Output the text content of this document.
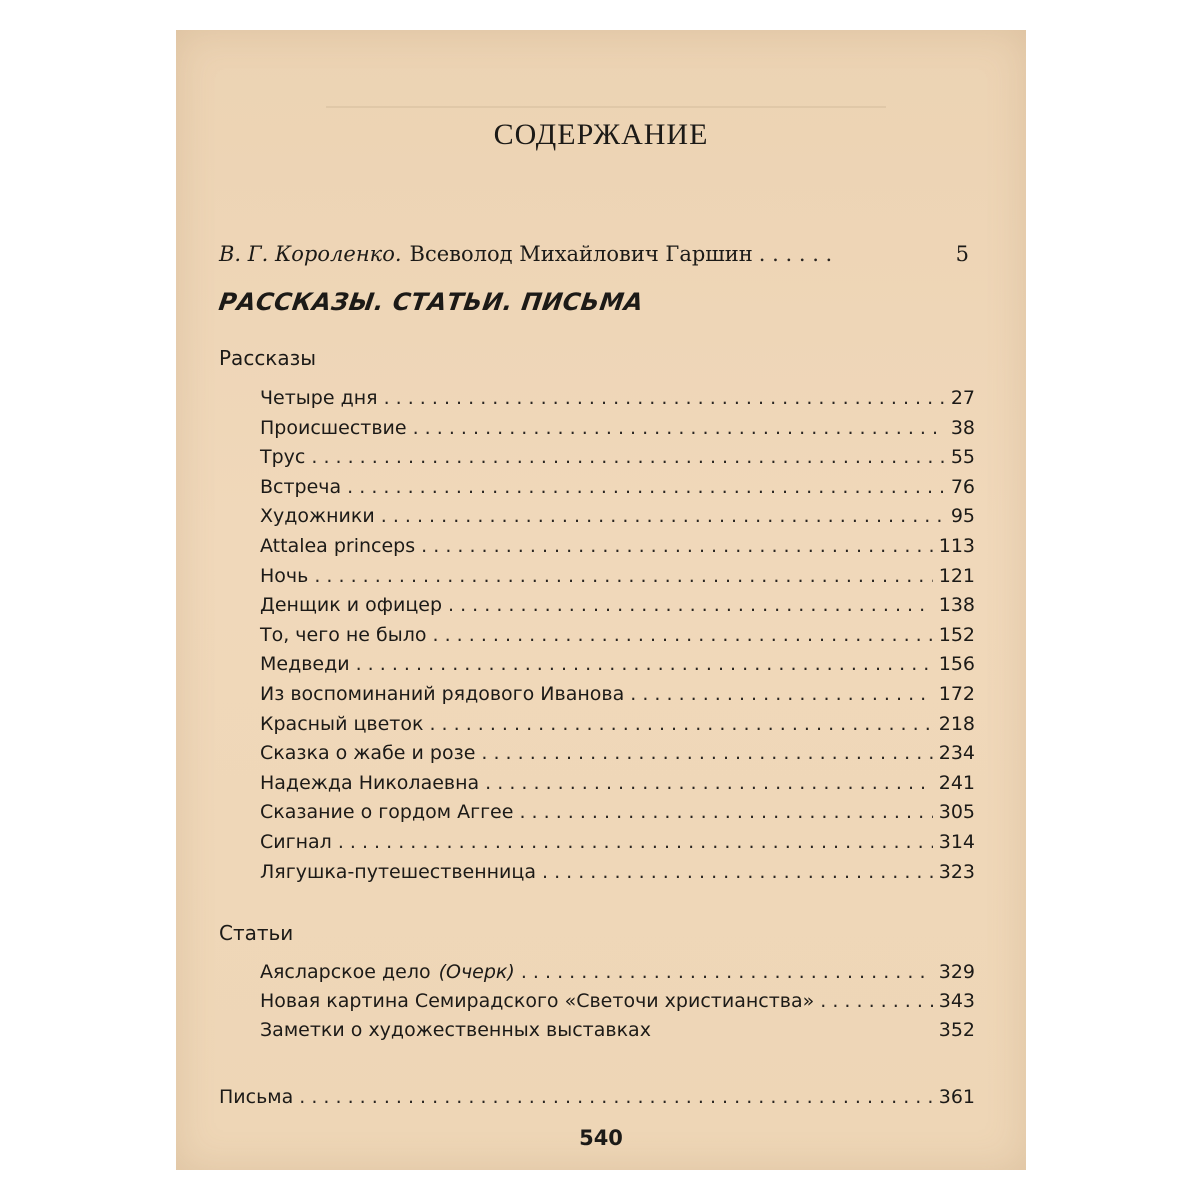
СОДЕРЖАНИЕ
В. Г. Короленко. Всеволод Михайлович Гаршин . . .	5
РАССКАЗЫ. СТАТЬИ. ПИСЬМА
Рассказы
Четыре дня . . .	27
Происшествие . . .	38
Трус . . .	55
Встреча . . .	76
Художники . . .	95
Attalea princeps . . .	113
Ночь . . .	121
Денщик и офицер . . .	138
То, чего не было . . .	152
Медведи . . .	156
Из воспоминаний рядового Иванова . . .	172
Красный цветок . . .	218
Сказка о жабе и розе . . .	234
Надежда Николаевна . . .	241
Сказание о гордом Аггее . . .	305
Сигнал . . .	314
Лягушка-путешественница . . .	323
Статьи
Аясларское дело (Очерк) . . .	329
Новая картина Семирадского «Светочи христианства» . . .	343
Заметки о художественных выставках	352
Письма . . .	361
540
